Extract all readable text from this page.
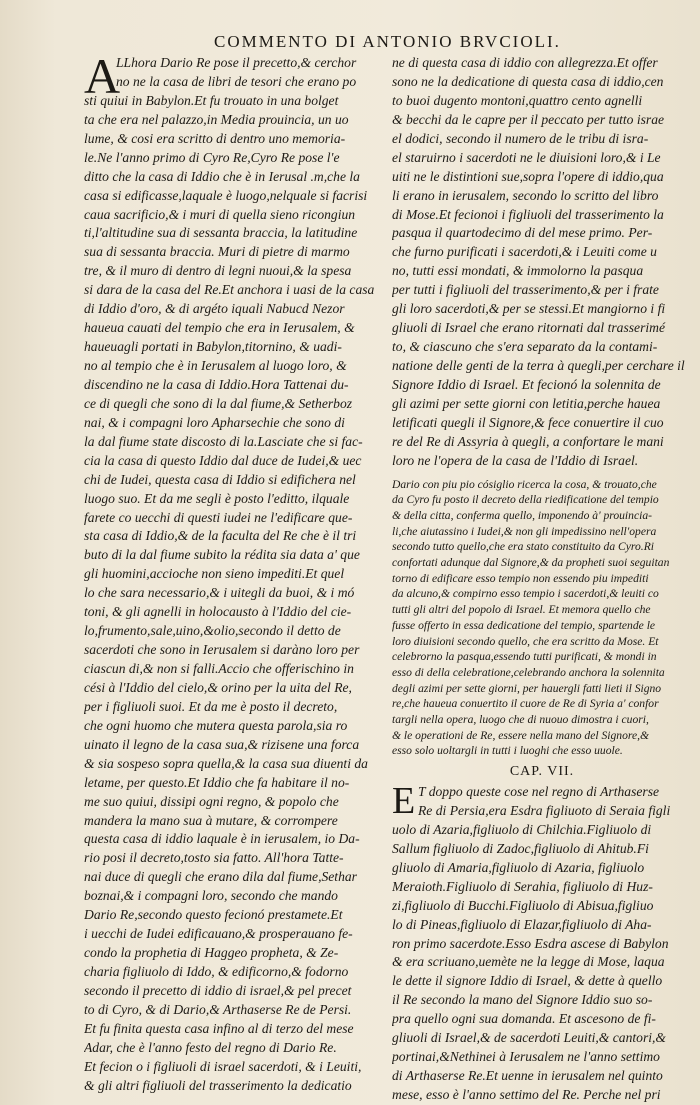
COMMENTO DI ANTONIO BRVCIOLI.
A
LLhora Dario Re pose il precetto,& cerchor
no ne la casa de libri de tesori che erano po
sti quiui in Babylon.Et fu trouato in una bolget
ta che era nel palazzo,in Media prouincia, un uo
lume, & cosi era scritto di dentro uno memoria-
le.Ne l'anno primo di Cyro Re,Cyro Re pose l'e
ditto che la casa di Iddio che è in Ierusal .m,che la
casa si edificasse,laquale è luogo,nelquale si facrisi
caua sacrificio,& i muri di quella sieno ricongiun
ti,l'altitudine sua di sessanta braccia, la latitudine
sua di sessanta braccia. Muri di pietre di marmo
tre, & il muro di dentro di legni nuoui,& la spesa
si dara de la casa del Re.Et anchora i uasi de la casa
di Iddio d'oro, & di argéto iquali Nabucd Nezor
haueua cauati del tempio che era in Ierusalem, &
haueuagli portati in Babylon,titornino, & uadi-
no al tempio che è in Ierusalem al luogo loro, &
discendino ne la casa di Iddio.Hora Tattenai du-
ce di quegli che sono di la dal fiume,& Setherboz
nai, & i compagni loro Apharsechie che sono di
la dal fiume state discosto di la.Lasciate che si fac-
cia la casa di questo Iddio dal duce de Iudei,& uec
chi de Iudei, questa casa di Iddio si edifichera nel
luogo suo. Et da me segli è posto l'editto, ilquale
farete co uecchi di questi iudei ne l'edificare que-
sta casa di Iddio,& de la faculta del Re che è il tri
buto di la dal fiume subito la rédita sia data a' que
gli huomini,accioche non sieno impediti.Et quel
lo che sara necessario,& i uitegli da buoi, & i mó
toni, & gli agnelli in holocausto à l'Iddio del cie-
lo,frumento,sale,uino,&olio,secondo il detto de
sacerdoti che sono in Ierusalem si daràno loro per
ciascun di,& non si falli.Accio che offerischino in
cési à l'Iddio del cielo,& orino per la uita del Re,
per i figliuoli suoi. Et da me è posto il decreto,
che ogni huomo che mutera questa parola,sia ro
uinato il legno de la casa sua,& rizisene una forca
& sia sospeso sopra quella,& la casa sua diuenti da
letame, per questo.Et Iddio che fa habitare il no-
me suo quiui, dissipi ogni regno, & popolo che
mandera la mano sua à mutare, & corrompere
questa casa di iddio laquale è in ierusalem, io Da-
rio posi il decreto,tosto sia fatto. All'hora Tatte-
nai duce di quegli che erano dila dal fiume,Sethar
boznai,& i compagni loro, secondo che mando
Dario Re,secondo questo fecionó prestamete.Et
i uecchi de Iudei edificauano,& prosperauano fe-
condo la prophetia di Haggeo propheta, & Ze-
charia figliuolo di Iddo, & edificorno,& fodorno
secondo il precetto di iddio di israel,& pel precet
to di Cyro, & di Dario,& Arthaserse Re de Persi.
Et fu finita questa casa infino al di terzo del mese
Adar, che è l'anno festo del regno di Dario Re.
Et fecion o i figliuoli di israel sacerdoti, & i Leuiti,
& gli altri figliuoli del trasserimento la dedicatio
ne di questa casa di iddio con allegrezza.Et offer
sono ne la dedicatione di questa casa di iddio,cen
to buoi dugento montoni,quattro cento agnelli
& becchi da le capre per il peccato per tutto israe
el dodici, secondo il numero de le tribu di isra-
el staruirno i sacerdoti ne le diuisioni loro,& i Le
uiti ne le distintioni sue,sopra l'opere di iddio,qua
li erano in ierusalem, secondo lo scritto del libro
di Mose.Et fecionoi i figliuoli del trasserimento la
pasqua il quartodecimo di del mese primo. Per-
che furno purificati i sacerdoti,& i Leuiti come u
no, tutti essi mondati, & immolorno la pasqua
per tutti i figliuoli del trasserimento,& per i frate
gli loro sacerdoti,& per se stessi.Et mangiorno i fi
gliuoli di Israel che erano ritornati dal trasserimé
to, & ciascuno che s'era separato da la contami-
natione delle genti de la terra à quegli,per cerchare il
Signore Iddio di Israel. Et fecionó la solennita de
gli azimi per sette giorni con letitia,perche hauea
letificati quegli il Signore,& fece conuertire il cuo
re del Re di Assyria à quegli, a confortare le mani
loro ne l'opera de la casa de l'Iddio di Israel.
Dario con piu pio cósiglio ricerca la cosa, & trouato,che
da Cyro fu posto il decreto della riedificatione del tempio
& della citta, conferma quello, imponendo à' prouincia-
li,che aiutassino i Iudei,& non gli impedissino nell'opera
secondo tutto quello,che era stato constituito da Cyro.Ri
confortati adunque dal Signore,& da propheti suoi seguitan
torno di edificare esso tempio non essendo piu impediti
da alcuno,& compirno esso tempio i sacerdoti,& leuiti co
tutti gli altri del popolo di Israel. Et memora quello che
fusse offerto in essa dedicatione del tempio, spartende le
loro diuisioni secondo quello, che era scritto da Mose. Et
celebrorno la pasqua,essendo tutti purificati, & mondi in
esso di della celebratione,celebrando anchora la solennita
degli azimi per sette giorni, per hauergli fatti lieti il Signo
re,che haueua conuertito il cuore de Re di Syria a' confor
targli nella opera, luogo che di nuouo dimostra i cuori,
& le operationi de Re, essere nella mano del Signore,&
esso solo uoltargli in tutti i luoghi che esso uuole.
CAP. VII.
E T doppo queste cose nel regno di Arthaserse
Re di Persia,era Esdra figliuoto di Seraia figli
uolo di Azaria,figliuolo di Chilchia.Figliuolo di
Sallum figliuolo di Zadoc,figliuolo di Ahitub.Fi
gliuolo di Amaria,figliuolo di Azaria, figliuolo
Meraioth.Figliuolo di Serahia, figliuolo di Huz-
zi,figliuolo di Bucchi.Figliuolo di Abisua,figliuo
lo di Pineas,figliuolo di Elazar,figliuolo di Aha-
ron primo sacerdote.Esso Esdra ascese di Babylon
& era scriuano,uemète ne la legge di Mose, laqua
le dette il signore Iddio di Israel, & dette à quello
il Re secondo la mano del Signore Iddio suo so-
pra quello ogni sua domanda. Et ascesono de fi-
gliuoli di Israel,& de sacerdoti Leuiti,& cantori,&
portinai,&Nethinei à Ierusalem ne l'anno settimo
di Arthaserse Re.Et uenne in ierusalem nel quinto
mese, esso è l'anno settimo del Re. Perche nel pri
